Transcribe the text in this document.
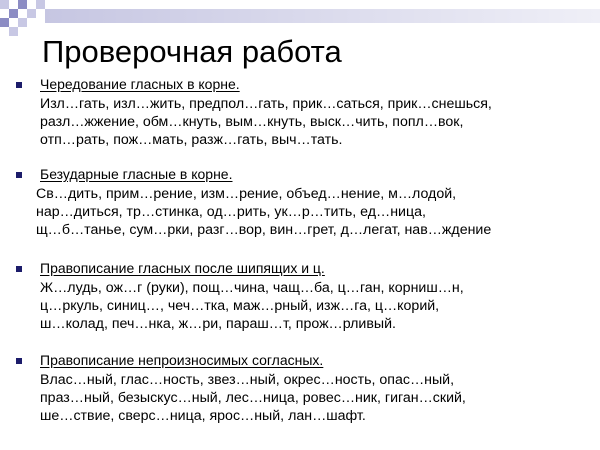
Проверочная работа
Чередование гласных в корне.
Изл…гать, изл…жить, предпол…гать, прик…саться, прик…снешься,
разл…жжение, обм…кнуть, вым…кнуть, выск…чить, попл…вок,
отп…рать, пож…мать, разж…гать, выч…тать.
Безударные гласные в корне.
Св…дить, прим…рение, изм…рение, объед…нение, м…лодой,
нар…диться, тр…стинка, од…рить, ук…р…тить, ед…ница,
щ…б…танье, сум…рки, разг…вор, вин…грет, д…легат, нав…ждение
Правописание гласных после шипящих и ц.
Ж…лудь, ож…г (руки), пощ…чина, чащ…ба, ц…ган, корниш…н,
ц…ркуль, синиц…, чеч…тка, маж…рный, изж…га, ц…корий,
ш…колад, печ…нка, ж…ри, параш…т, прож…рливый.
Правописание непроизносимых согласных.
Влас…ный, глас…ность, звез…ный, окрес…ность, опас…ный,
праз…ный, безыскус…ный, лес…ница, ровес…ник, гиган…ский,
ше…ствие, сверс…ница, ярос…ный, лан…шафт.
